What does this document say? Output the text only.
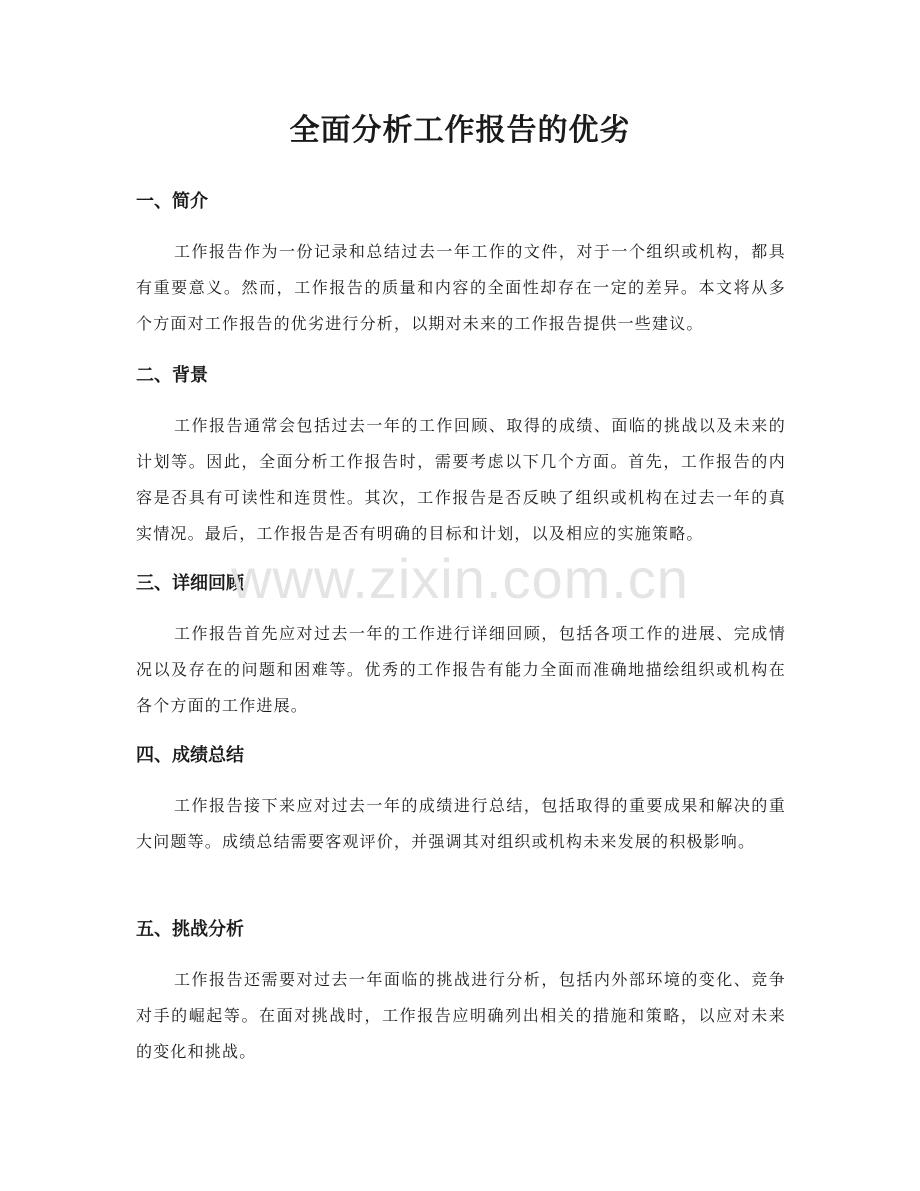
全面分析工作报告的优劣
一、简介

工作报告作为一份记录和总结过去一年工作的文件，对于一个组织或机构，都具有重要意义。然而，工作报告的质量和内容的全面性却存在一定的差异。本文将从多个方面对工作报告的优劣进行分析，以期对未来的工作报告提供一些建议。

二、背景

工作报告通常会包括过去一年的工作回顾、取得的成绩、面临的挑战以及未来的计划等。因此，全面分析工作报告时，需要考虑以下几个方面。首先，工作报告的内容是否具有可读性和连贯性。其次，工作报告是否反映了组织或机构在过去一年的真实情况。最后，工作报告是否有明确的目标和计划，以及相应的实施策略。

三、详细回顾

工作报告首先应对过去一年的工作进行详细回顾，包括各项工作的进展、完成情况以及存在的问题和困难等。优秀的工作报告有能力全面而准确地描绘组织或机构在各个方面的工作进展。

四、成绩总结

工作报告接下来应对过去一年的成绩进行总结，包括取得的重要成果和解决的重大问题等。成绩总结需要客观评价，并强调其对组织或机构未来发展的积极影响。

五、挑战分析

工作报告还需要对过去一年面临的挑战进行分析，包括内外部环境的变化、竞争对手的崛起等。在面对挑战时，工作报告应明确列出相关的措施和策略，以应对未来的变化和挑战。

www.zixin.com.cn
